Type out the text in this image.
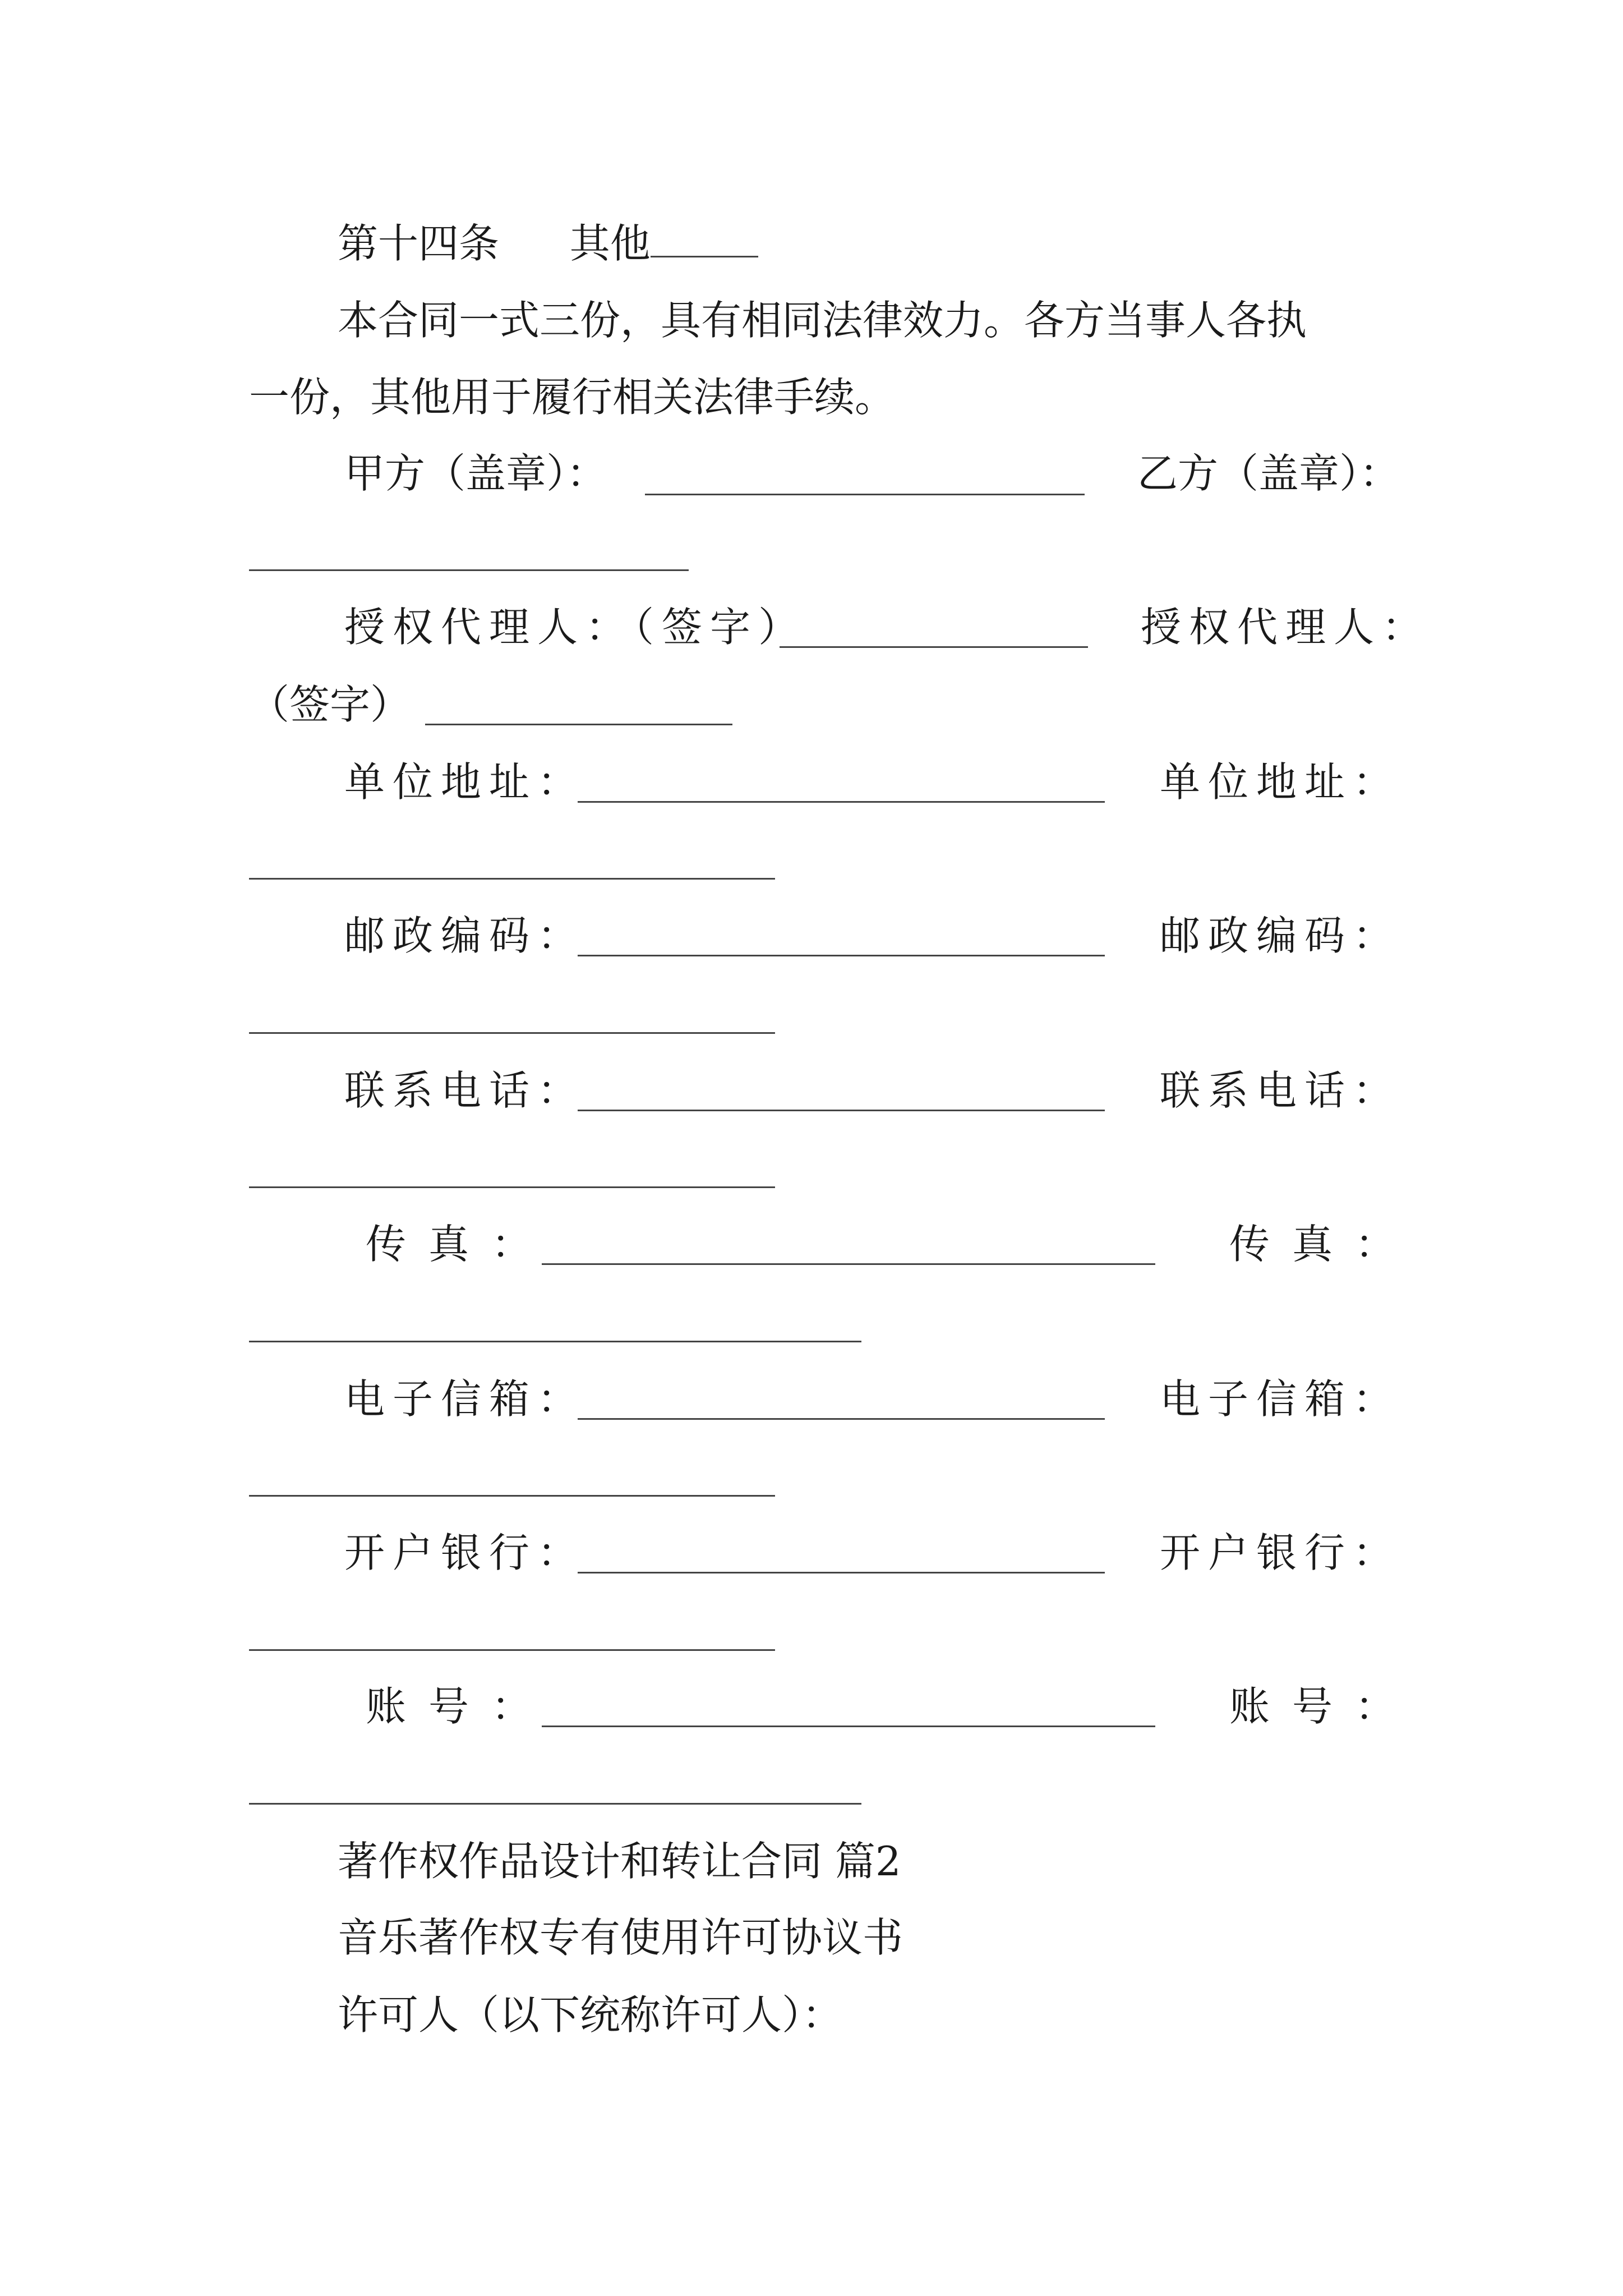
第十四条 其他
本合同一式三份，具有相同法律效力。各方当事人各执
一份，其他用于履行相关法律手续。
甲方（盖章）：	乙方（盖章）：
授权代理人：（签字）	授权代理人：
（签字）
单位地址：	单位地址：
邮政编码：	邮政编码：
联系电话：	联系电话：
传真：	传真：
电子信箱：	电子信箱：
开户银行：	开户银行：
账号：	账号：
著作权作品设计和转让合同 篇2
音乐著作权专有使用许可协议书
许可人（以下统称许可人）：
